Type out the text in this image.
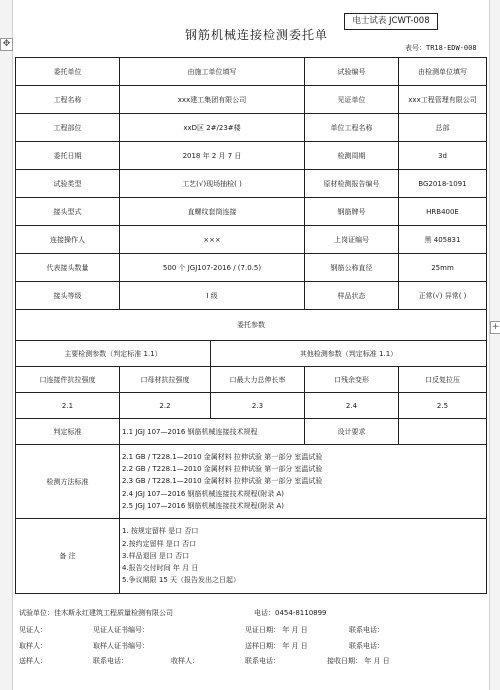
✥
+
电士试表 JCWT-008
钢筋机械连接检测委托单
表号：TR18-EDW-008
委托单位	由施工单位填写		试验编号	由检测单位填写
工程名称	xxx建工集团有限公司		见证单位	xxx工程管理有限公司
工程部位	xxD区 2#/23#楼		单位工程名称	总部
委托日期	2018 年 2 月 7 日		检测周期	3d
试验类型	工艺(√)现场抽检( )		原材检测报告编号	BG2018-1091
接头型式	直螺纹套筒连接		钢筋牌号	HRB400E
连接操作人	×××		上岗证编号	黑 405831
代表接头数量	500 个 JGJ107-2016 / (7.0.5)		钢筋公称直径	25mm
接头等级	I 级		样品状态	正常(√) 异常( )
委托参数				
主要检测参数（判定标准 1.1）		其他检测参数（判定标准 1.1）		
口连接件抗拉强度	口母材抗拉强度	口最大力总伸长率	口残余变形	口反复拉压
2.1	2.2	2.3	2.4	2.5
判定标准	1.1 JGJ 107—2016 钢筋机械连接技术规程		设计要求	
检测方法标准	2.1 GB / T228.1—2010 金属材料 拉伸试验 第一部分 室温试验
2.2 GB / T228.1—2010 金属材料 拉伸试验 第一部分 室温试验
2.3 GB / T228.1—2010 金属材料 拉伸试验 第一部分 室温试验
2.4 JGJ 107—2016 钢筋机械连接技术规程(附录 A)
2.5 JGJ 107—2016 钢筋机械连接技术规程(附录 A)			

备 注	1. 按规定留样 是口 否口
2.按约定留样 是口 否口
3.样品退回 是口 否口
4.报告交付时间 年 月 日
5.争议期限 15 天（报告发出之日起）			
试验单位：佳木斯永红建筑工程质量检测有限公司	电话：0454-8110899
见证人：	见证人证书编号：	见证日期： 年 月 日	联系电话：
取样人：	取样人证书编号：	送样日期： 年 月 日	联系电话：
送样人：	联系电话：	收样人：	联系电话：	接收日期： 年 月 日
